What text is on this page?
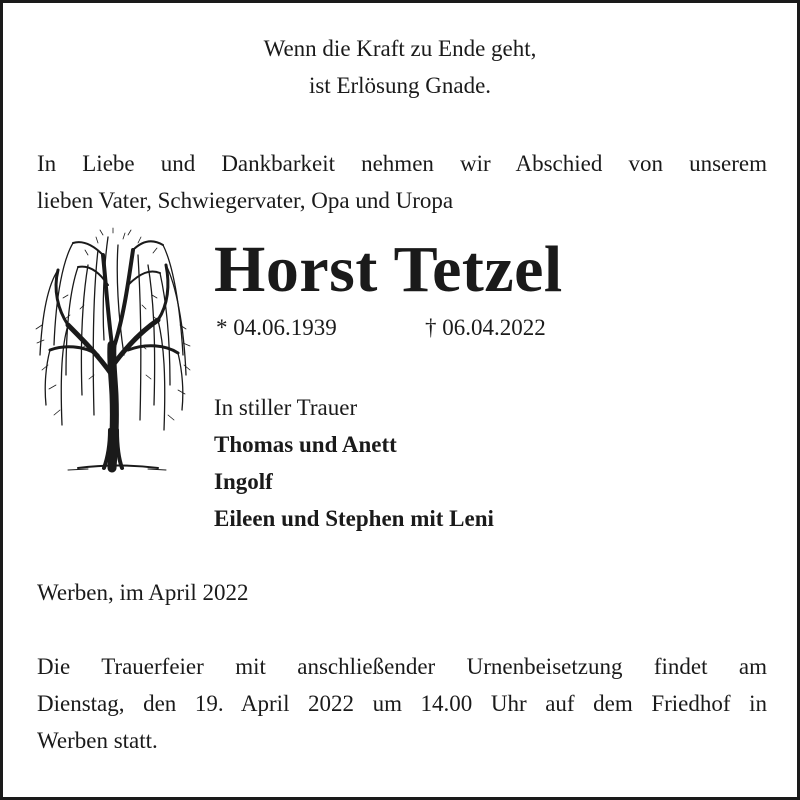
Wenn die Kraft zu Ende geht,
ist Erlösung Gnade.
In Liebe und Dankbarkeit nehmen wir Abschied von unserem
lieben Vater, Schwiegervater, Opa und Uropa
Horst Tetzel
* 04.06.1939	† 06.04.2022
In stiller Trauer
Thomas und Anett
Ingolf
Eileen und Stephen mit Leni
Werben, im April 2022
Die Trauerfeier mit anschließender Urnenbeisetzung findet am
Dienstag, den 19. April 2022 um 14.00 Uhr auf dem Friedhof in
Werben statt.
